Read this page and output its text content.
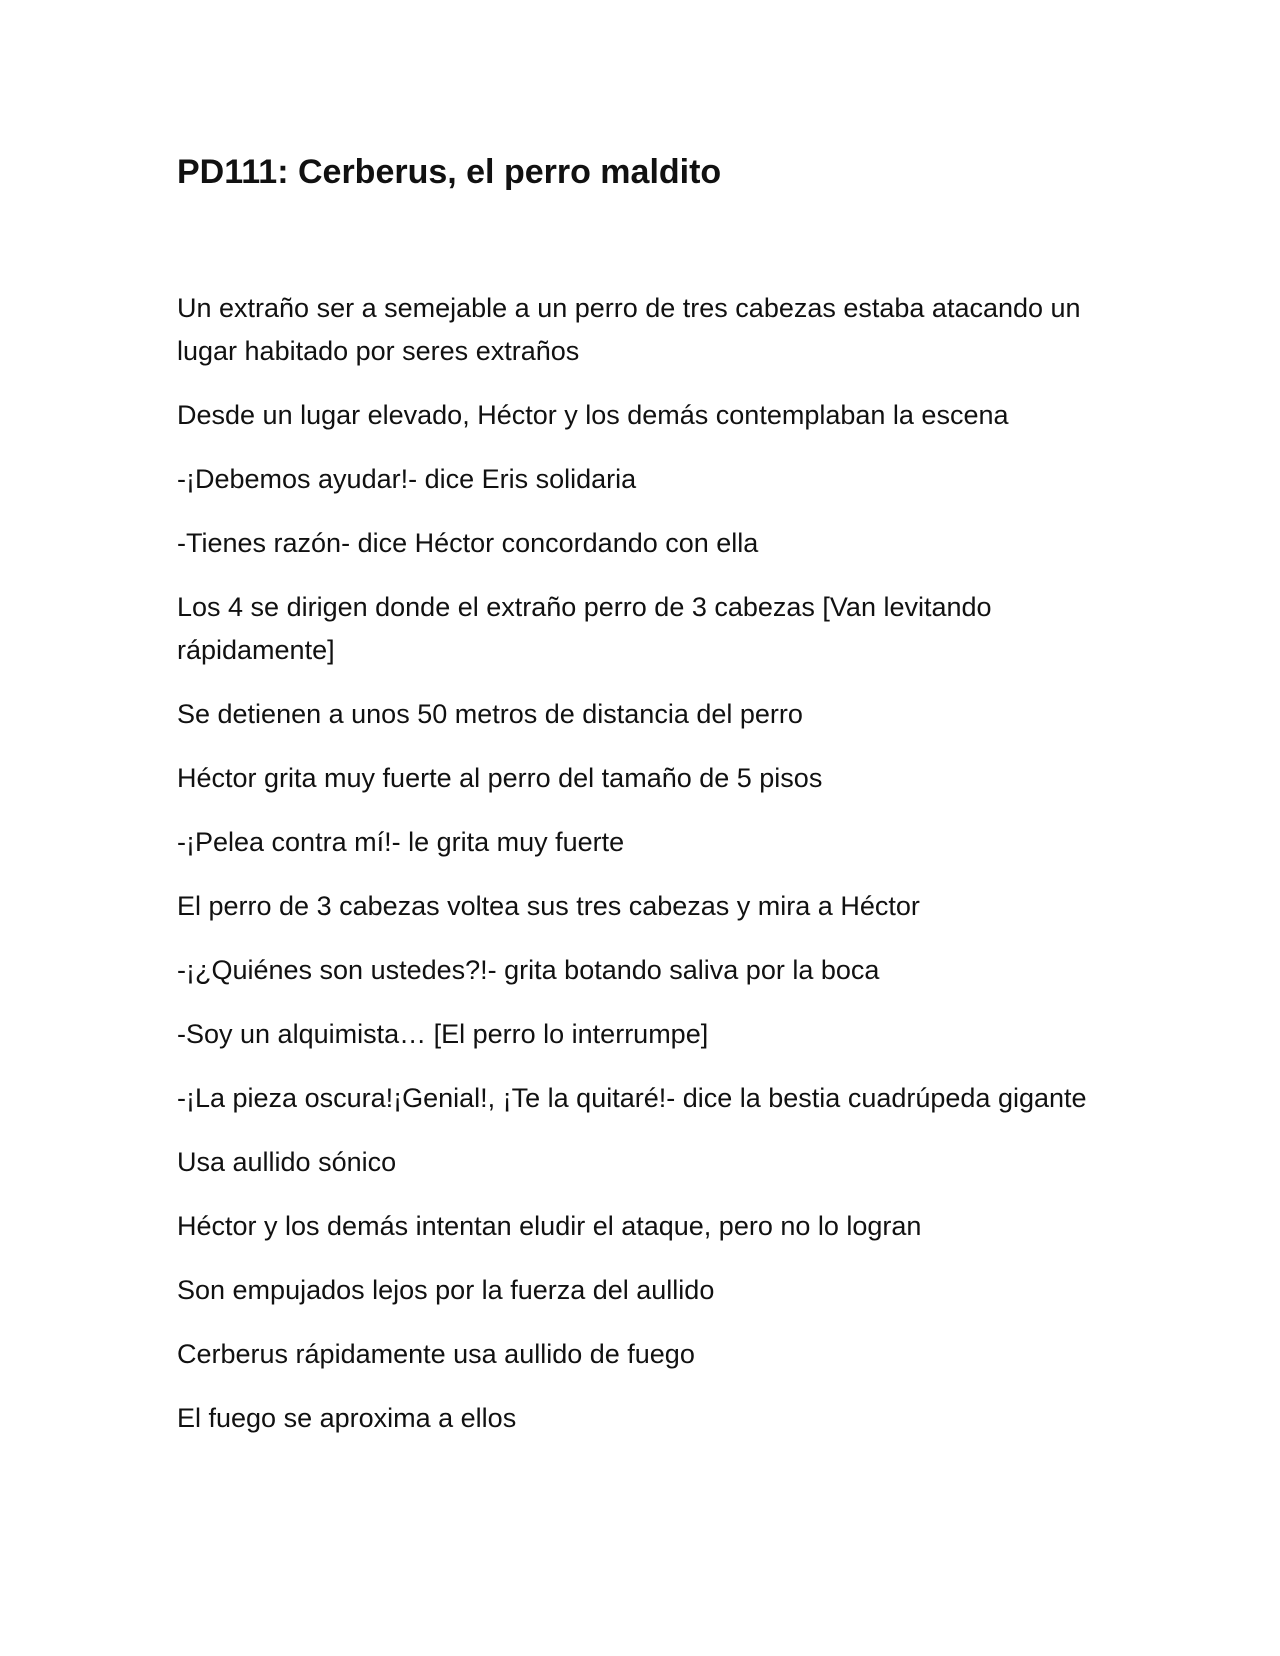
PD111: Cerberus, el perro maldito

Un extraño ser a semejable a un perro de tres cabezas estaba atacando un lugar habitado por seres extraños

Desde un lugar elevado, Héctor y los demás contemplaban la escena

-¡Debemos ayudar!- dice Eris solidaria

-Tienes razón- dice Héctor concordando con ella

Los 4 se dirigen donde el extraño perro de 3 cabezas [Van levitando rápidamente]

Se detienen a unos 50 metros de distancia del perro

Héctor grita muy fuerte al perro del tamaño de 5 pisos

-¡Pelea contra mí!- le grita muy fuerte

El perro de 3 cabezas voltea sus tres cabezas y mira a Héctor

-¡¿Quiénes son ustedes?!- grita botando saliva por la boca

-Soy un alquimista… [El perro lo interrumpe]

-¡La pieza oscura!¡Genial!, ¡Te la quitaré!- dice la bestia cuadrúpeda gigante

Usa aullido sónico

Héctor y los demás intentan eludir el ataque, pero no lo logran

Son empujados lejos por la fuerza del aullido

Cerberus rápidamente usa aullido de fuego

El fuego se aproxima a ellos
